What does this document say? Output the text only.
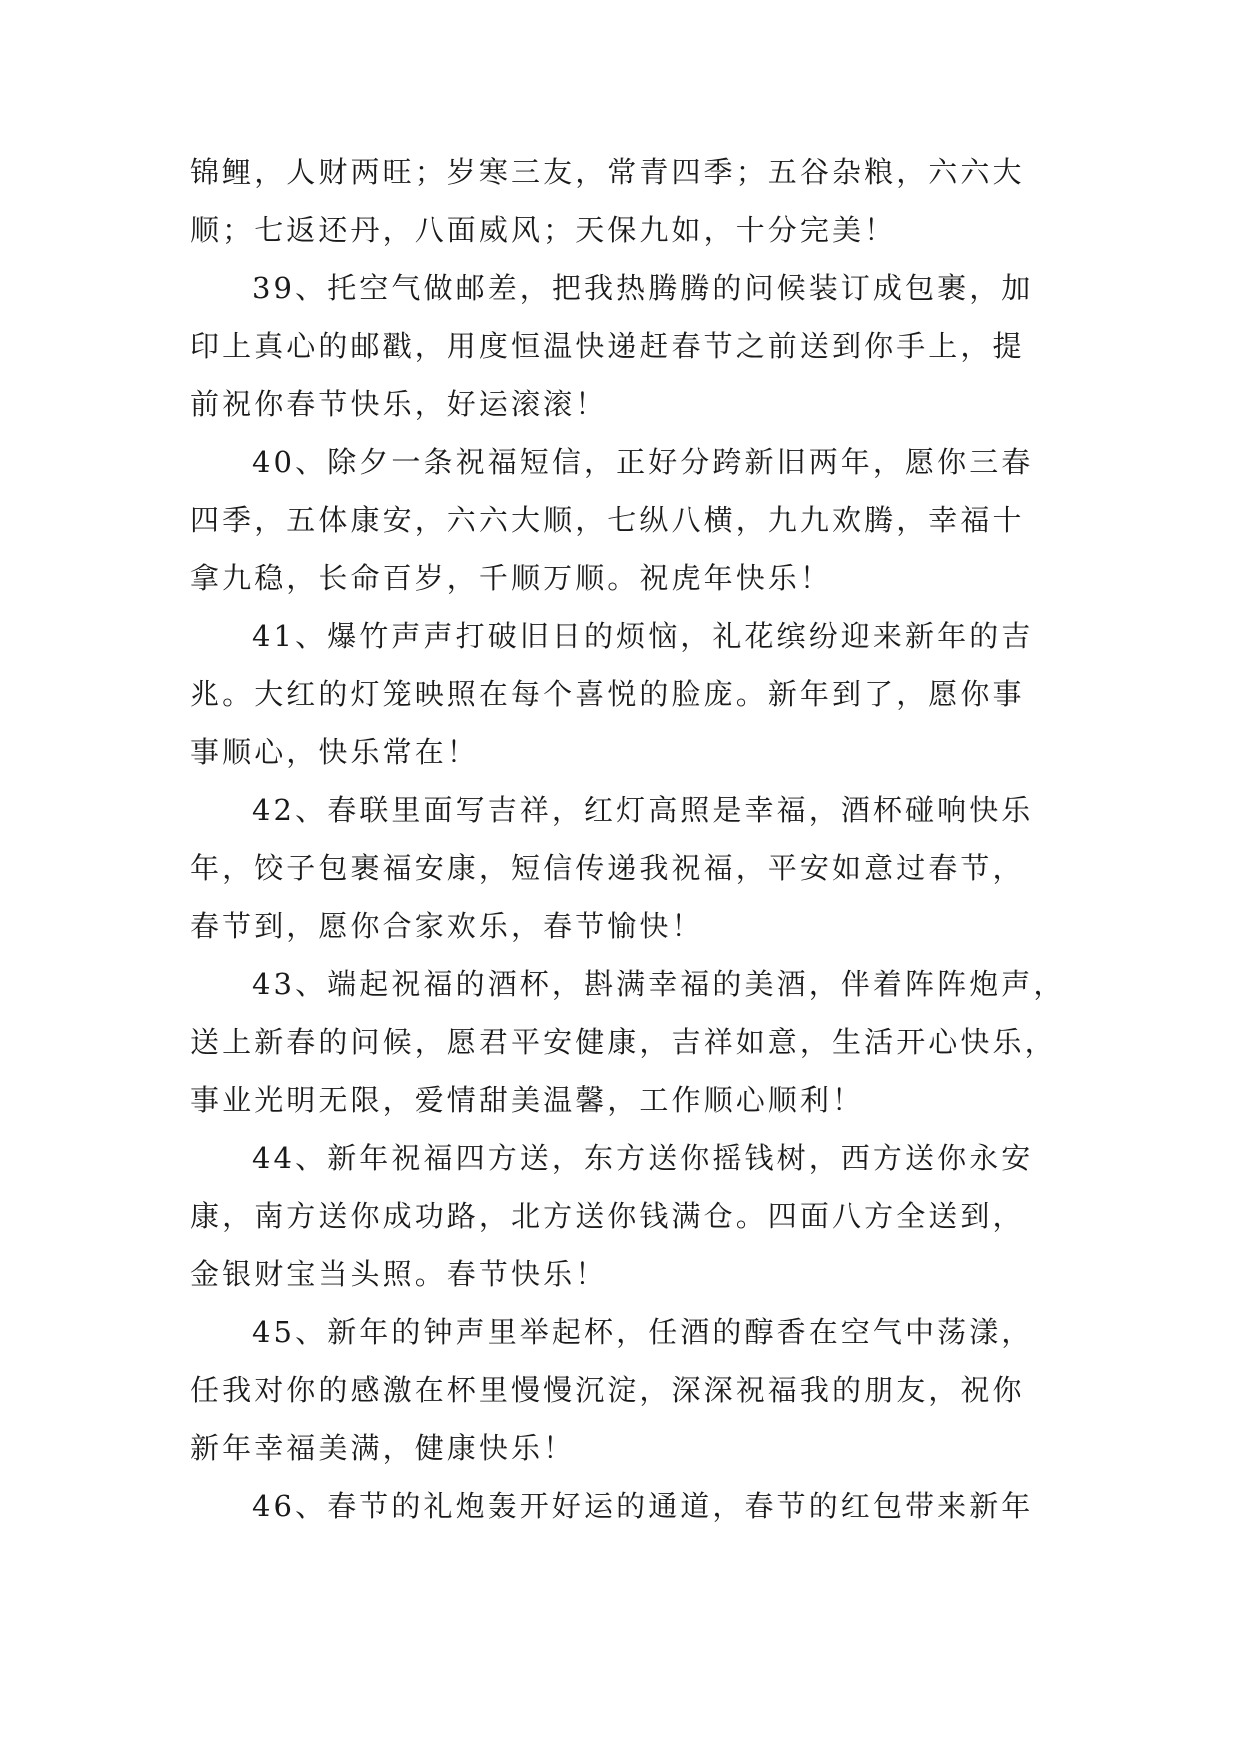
锦鲤，人财两旺；岁寒三友，常青四季；五谷杂粮，六六大
顺；七返还丹，八面威风；天保九如，十分完美！
39、托空气做邮差，把我热腾腾的问候装订成包裹，加
印上真心的邮戳，用度恒温快递赶春节之前送到你手上，提
前祝你春节快乐，好运滚滚！
40、除夕一条祝福短信，正好分跨新旧两年，愿你三春
四季，五体康安，六六大顺，七纵八横，九九欢腾，幸福十
拿九稳，长命百岁，千顺万顺。祝虎年快乐！
41、爆竹声声打破旧日的烦恼，礼花缤纷迎来新年的吉
兆。大红的灯笼映照在每个喜悦的脸庞。新年到了，愿你事
事顺心，快乐常在！
42、春联里面写吉祥，红灯高照是幸福，酒杯碰响快乐
年，饺子包裹福安康，短信传递我祝福，平安如意过春节，
春节到，愿你合家欢乐，春节愉快！
43、端起祝福的酒杯，斟满幸福的美酒，伴着阵阵炮声，
送上新春的问候，愿君平安健康，吉祥如意，生活开心快乐，
事业光明无限，爱情甜美温馨，工作顺心顺利！
44、新年祝福四方送，东方送你摇钱树，西方送你永安
康，南方送你成功路，北方送你钱满仓。四面八方全送到，
金银财宝当头照。春节快乐！
45、新年的钟声里举起杯，任酒的醇香在空气中荡漾，
任我对你的感激在杯里慢慢沉淀，深深祝福我的朋友，祝你
新年幸福美满，健康快乐！
46、春节的礼炮轰开好运的通道，春节的红包带来新年
